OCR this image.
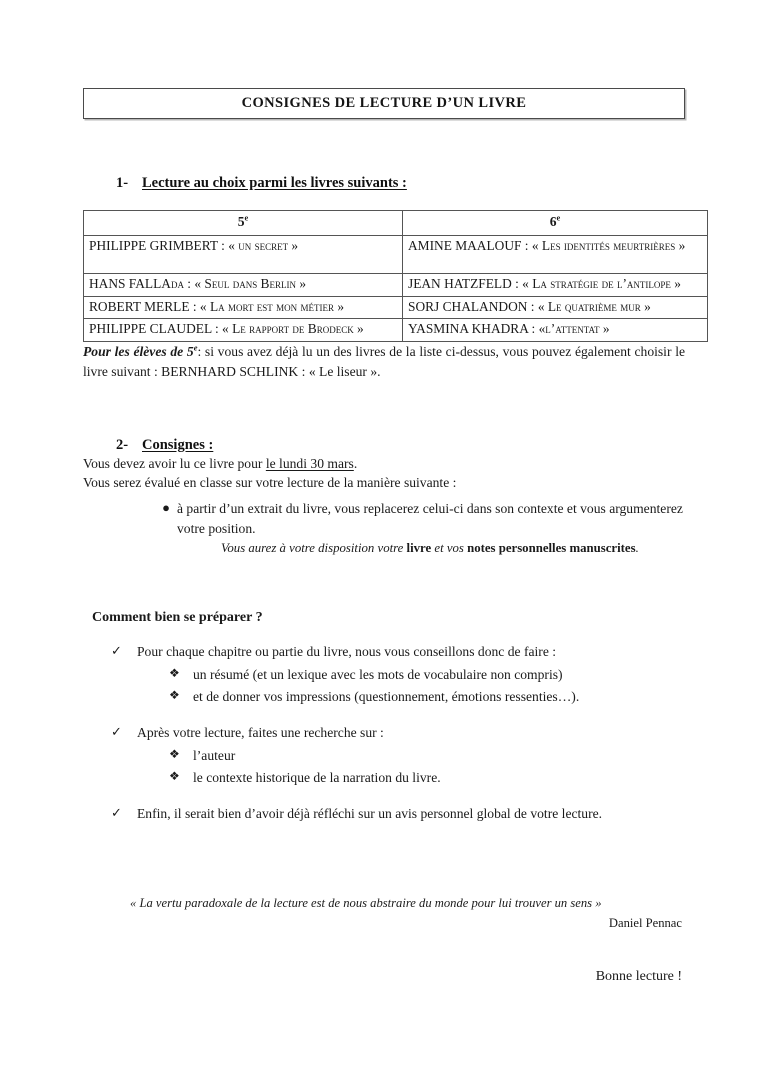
CONSIGNES DE LECTURE D’UN LIVRE
1- Lecture au choix parmi les livres suivants :
5e	6e
PHILIPPE GRIMBERT : « un secret »	AMINE MAALOUF : « Les identités meurtrières »
HANS FALLAda : « Seul dans Berlin »	JEAN HATZFELD : « La stratégie de l’antilope »
ROBERT MERLE : « La mort est mon métier »	SORJ CHALANDON : « Le quatrième mur »
PHILIPPE CLAUDEL : « Le rapport de Brodeck »	YASMINA KHADRA : «l’attentat »

Pour les élèves de 5e: si vous avez déjà lu un des livres de la liste ci-dessus, vous pouvez également choisir le livre suivant : BERNHARD SCHLINK : « Le liseur ».

2- Consignes :

Vous devez avoir lu ce livre pour le lundi 30 mars.

Vous serez évalué en classe sur votre lecture de la manière suivante :

● à partir d’un extrait du livre, vous replacerez celui-ci dans son contexte et vous argumenterez votre position.
Vous aurez à votre disposition votre livre et vos notes personnelles manuscrites.
Comment bien se préparer ?
✓	Pour chaque chapitre ou partie du livre, nous vous conseillons donc de faire :
❖ un résumé (et un lexique avec les mots de vocabulaire non compris)
❖ et de donner vos impressions (questionnement, émotions ressenties…).
✓	Après votre lecture, faites une recherche sur :
❖ l’auteur
❖ le contexte historique de la narration du livre.
✓	Enfin, il serait bien d’avoir déjà réfléchi sur un avis personnel global de votre lecture.
« La vertu paradoxale de la lecture est de nous abstraire du monde pour lui trouver un sens »
Daniel Pennac
Bonne lecture !
